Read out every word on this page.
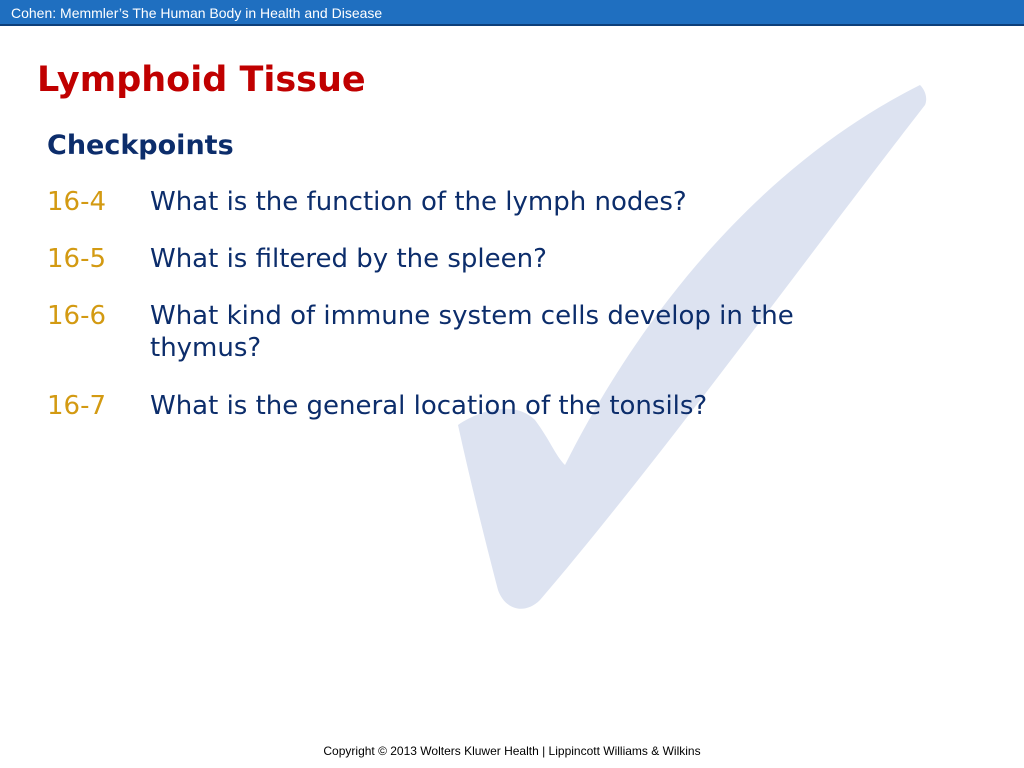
Cohen: Memmler’s The Human Body in Health and Disease
Lymphoid Tissue
Checkpoints
16-4 What is the function of the lymph nodes?
16-5 What is filtered by the spleen?
16-6 What kind of immune system cells develop in the thymus?
16-7 What is the general location of the tonsils?
Copyright © 2013 Wolters Kluwer Health | Lippincott Williams & Wilkins
